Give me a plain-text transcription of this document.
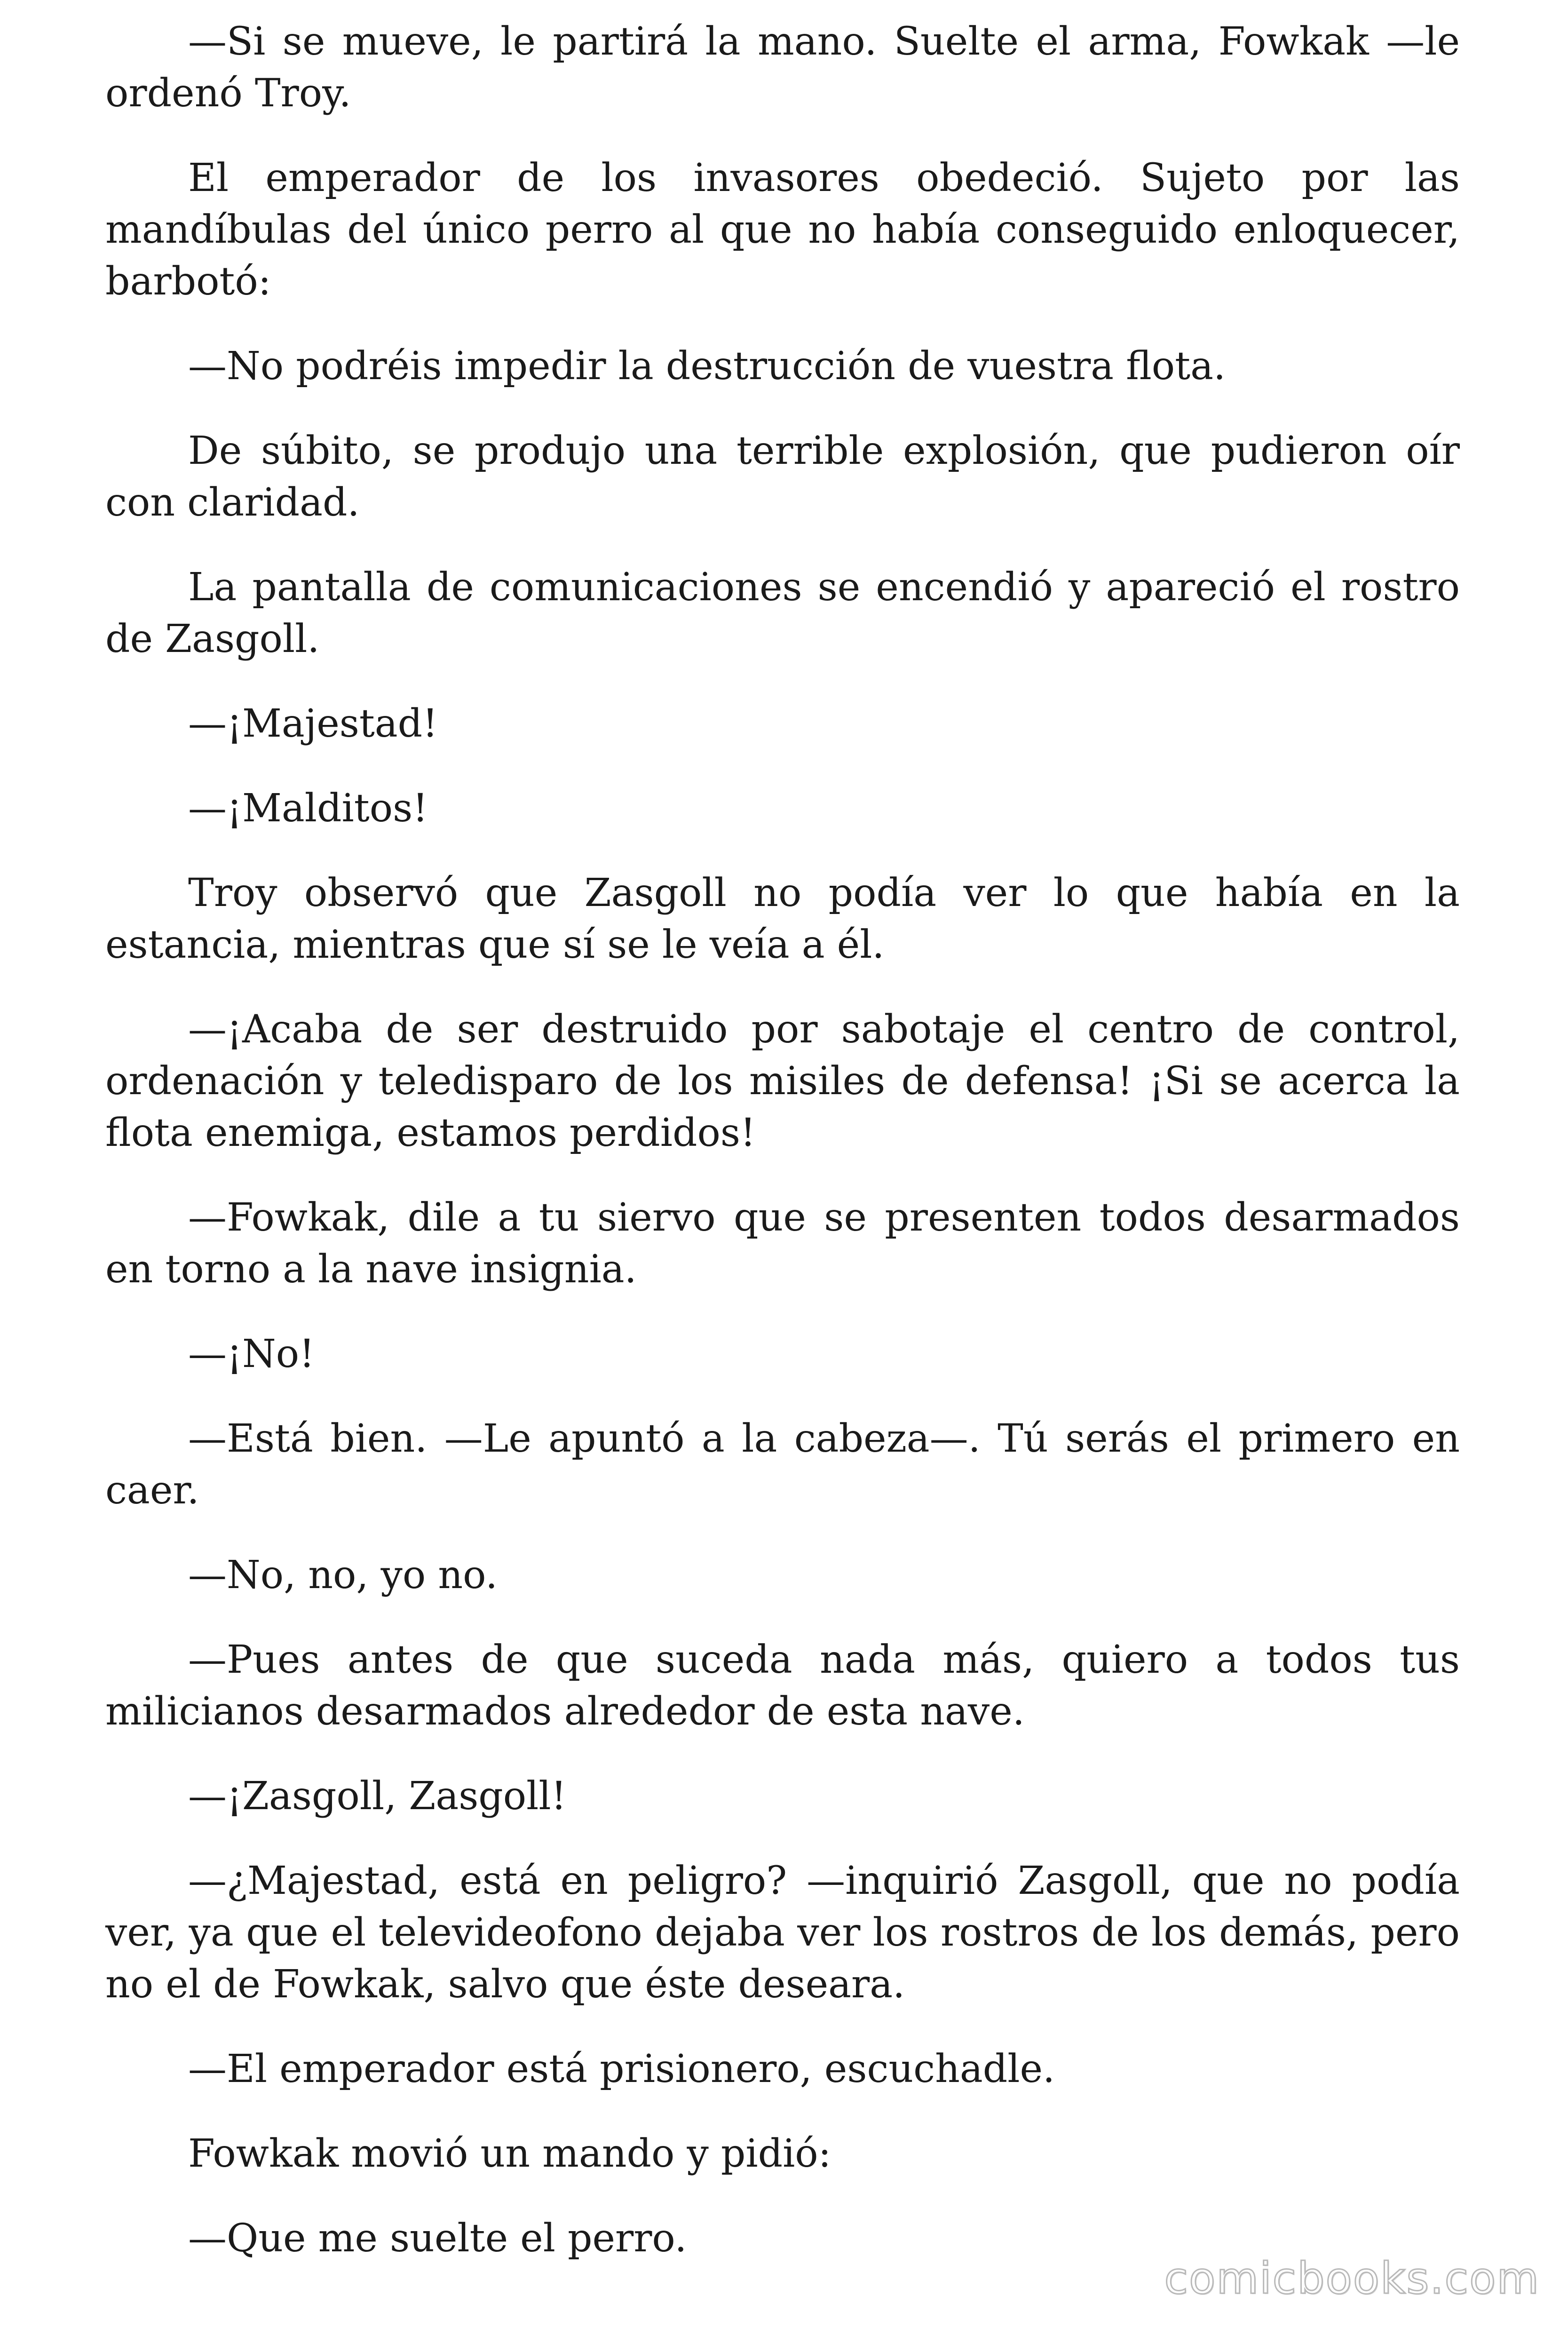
—Si se mueve, le partirá la mano. Suelte el arma, Fowkak —le ordenó Troy.

El emperador de los invasores obedeció. Sujeto por las mandíbulas del único perro al que no había conseguido enloquecer, barbotó:

—No podréis impedir la destrucción de vuestra flota.

De súbito, se produjo una terrible explosión, que pudieron oír con claridad.

La pantalla de comunicaciones se encendió y apareció el rostro de Zasgoll.

—¡Majestad!

—¡Malditos!

Troy observó que Zasgoll no podía ver lo que había en la estancia, mientras que sí se le veía a él.

—¡Acaba de ser destruido por sabotaje el centro de control, ordenación y teledisparo de los misiles de defensa! ¡Si se acerca la flota enemiga, estamos perdidos!

—Fowkak, dile a tu siervo que se presenten todos desarmados en torno a la nave insignia.

—¡No!

—Está bien. —Le apuntó a la cabeza—. Tú serás el primero en caer.

—No, no, yo no.

—Pues antes de que suceda nada más, quiero a todos tus milicianos desarmados alrededor de esta nave.

—¡Zasgoll, Zasgoll!

—¿Majestad, está en peligro? —inquirió Zasgoll, que no podía ver, ya que el televideofono dejaba ver los rostros de los demás, pero no el de Fowkak, salvo que éste deseara.

—El emperador está prisionero, escuchadle.

Fowkak movió un mando y pidió:

—Que me suelte el perro.

comicbooks.com
